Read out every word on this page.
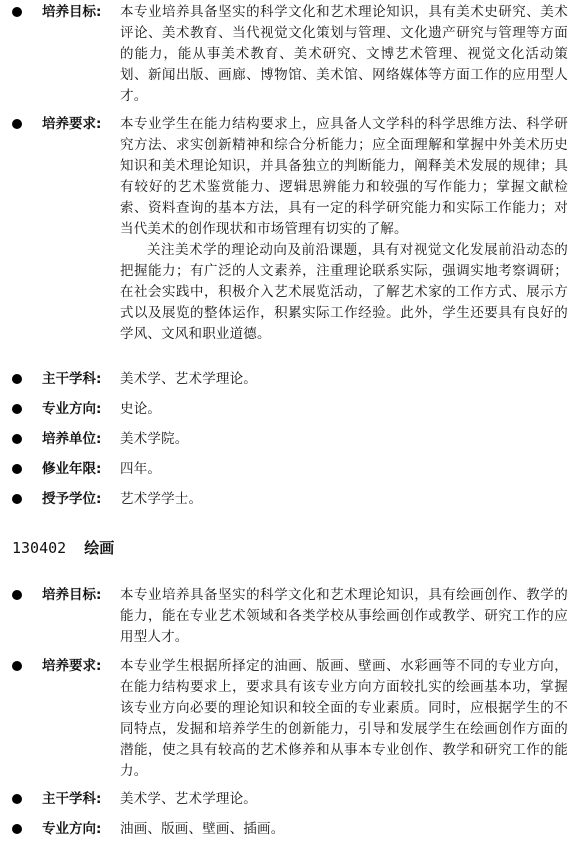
培养目标: 本专业培养具备坚实的科学文化和艺术理论知识，具有美术史研究、美术评论、美术教育、当代视觉文化策划与管理、文化遗产研究与管理等方面的能力，能从事美术教育、美术研究、文博艺术管理、视觉文化活动策划、新闻出版、画廊、博物馆、美术馆、网络媒体等方面工作的应用型人才。

培养要求: 本专业学生在能力结构要求上，应具备人文学科的科学思维方法、科学研究方法、求实创新精神和综合分析能力；应全面理解和掌握中外美术历史知识和美术理论知识，并具备独立的判断能力，阐释美术发展的规律；具有较好的艺术鉴赏能力、逻辑思辨能力和较强的写作能力；掌握文献检索、资料查询的基本方法，具有一定的科学研究能力和实际工作能力；对当代美术的创作现状和市场管理有切实的了解。

关注美术学的理论动向及前沿课题，具有对视觉文化发展前沿动态的把握能力；有广泛的人文素养，注重理论联系实际，强调实地考察调研；在社会实践中，积极介入艺术展览活动，了解艺术家的工作方式、展示方式以及展览的整体运作，积累实际工作经验。此外，学生还要具有良好的学风、文风和职业道德。

主干学科: 美术学、艺术学理论。

专业方向: 史论。

培养单位: 美术学院。

修业年限: 四年。

授予学位: 艺术学学士。

130402 绘画
培养目标: 本专业培养具备坚实的科学文化和艺术理论知识，具有绘画创作、教学的能力，能在专业艺术领域和各类学校从事绘画创作或教学、研究工作的应用型人才。

培养要求: 本专业学生根据所择定的油画、版画、壁画、水彩画等不同的专业方向，在能力结构要求上，要求具有该专业方向方面较扎实的绘画基本功，掌握该专业方向必要的理论知识和较全面的专业素质。同时，应根据学生的不同特点，发掘和培养学生的创新能力，引导和发展学生在绘画创作方面的潜能，使之具有较高的艺术修养和从事本专业创作、教学和研究工作的能力。

主干学科: 美术学、艺术学理论。

专业方向: 油画、版画、壁画、插画。
